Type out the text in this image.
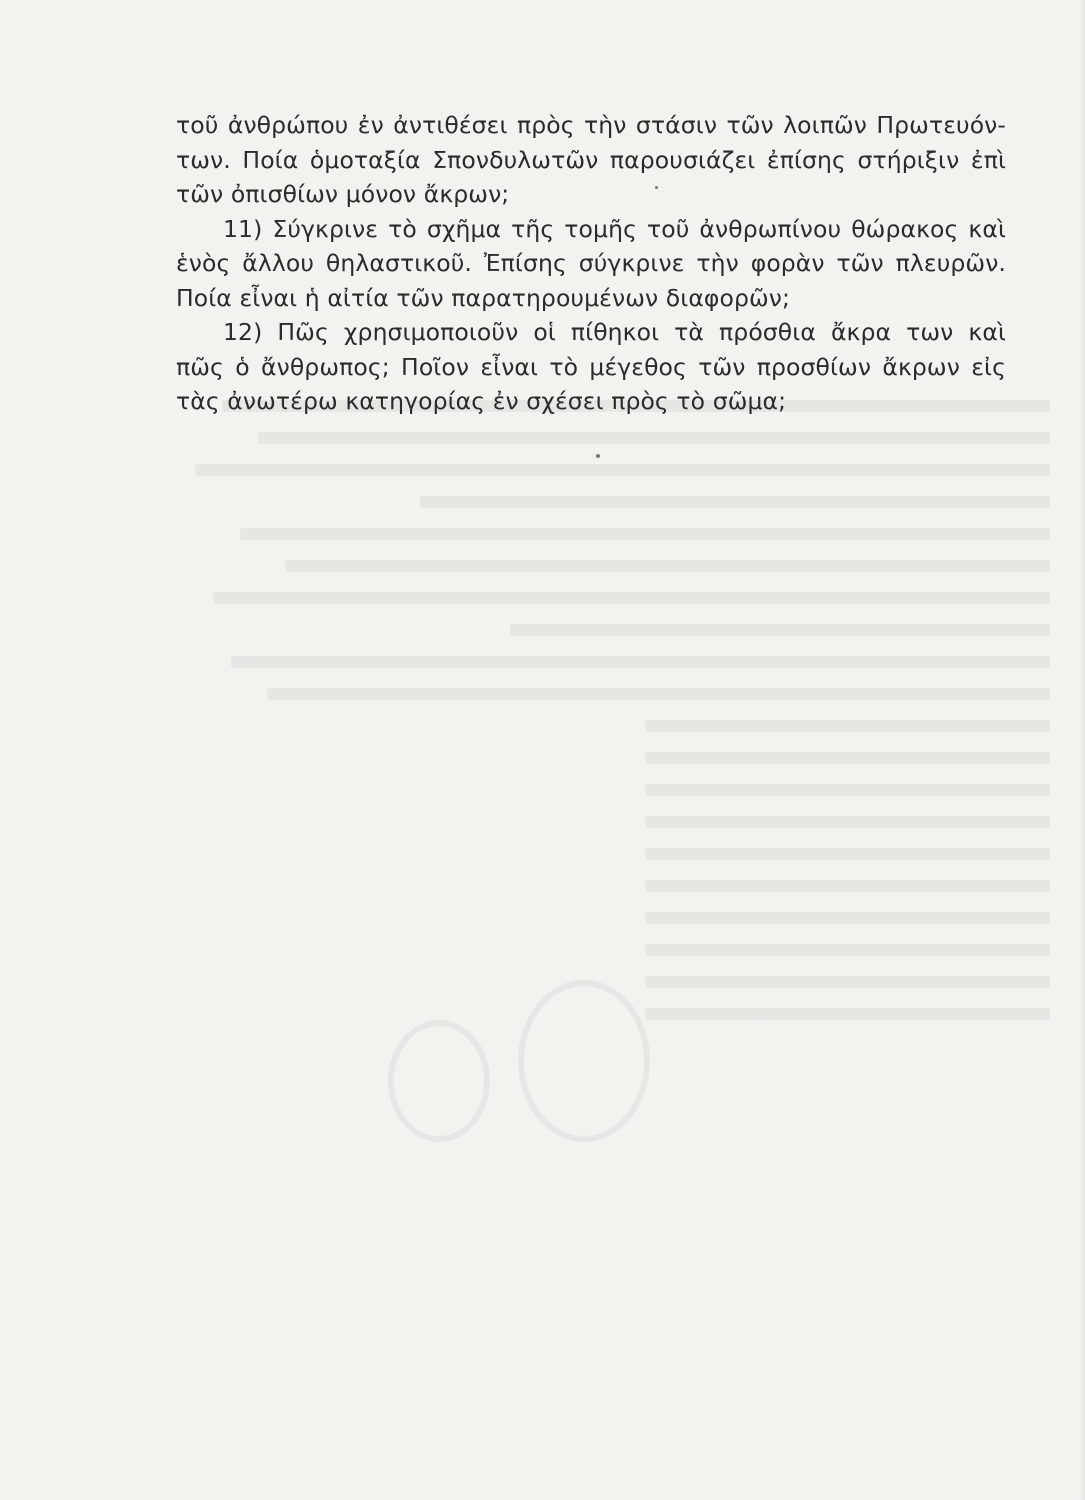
τοῦ ἀνθρώπου ἐν ἀντιθέσει πρὸς τὴν στάσιν τῶν λοιπῶν Πρωτευόν-
των. Ποία ὁμοταξία Σπονδυλωτῶν παρουσιάζει ἐπίσης στήριξιν ἐπὶ
τῶν ὀπισθίων μόνον ἄκρων;
11) Σύγκρινε τὸ σχῆμα τῆς τομῆς τοῦ ἀνθρωπίνου θώρακος καὶ
ἑνὸς ἄλλου θηλαστικοῦ. Ἐπίσης σύγκρινε τὴν φορὰν τῶν πλευρῶν.
Ποία εἶναι ἡ αἰτία τῶν παρατηρουμένων διαφορῶν;
12) Πῶς χρησιμοποιοῦν οἱ πίθηκοι τὰ πρόσθια ἄκρα των καὶ
πῶς ὁ ἄνθρωπος; Ποῖον εἶναι τὸ μέγεθος τῶν προσθίων ἄκρων εἰς
τὰς ἀνωτέρω κατηγορίας ἐν σχέσει πρὸς τὸ σῶμα;
